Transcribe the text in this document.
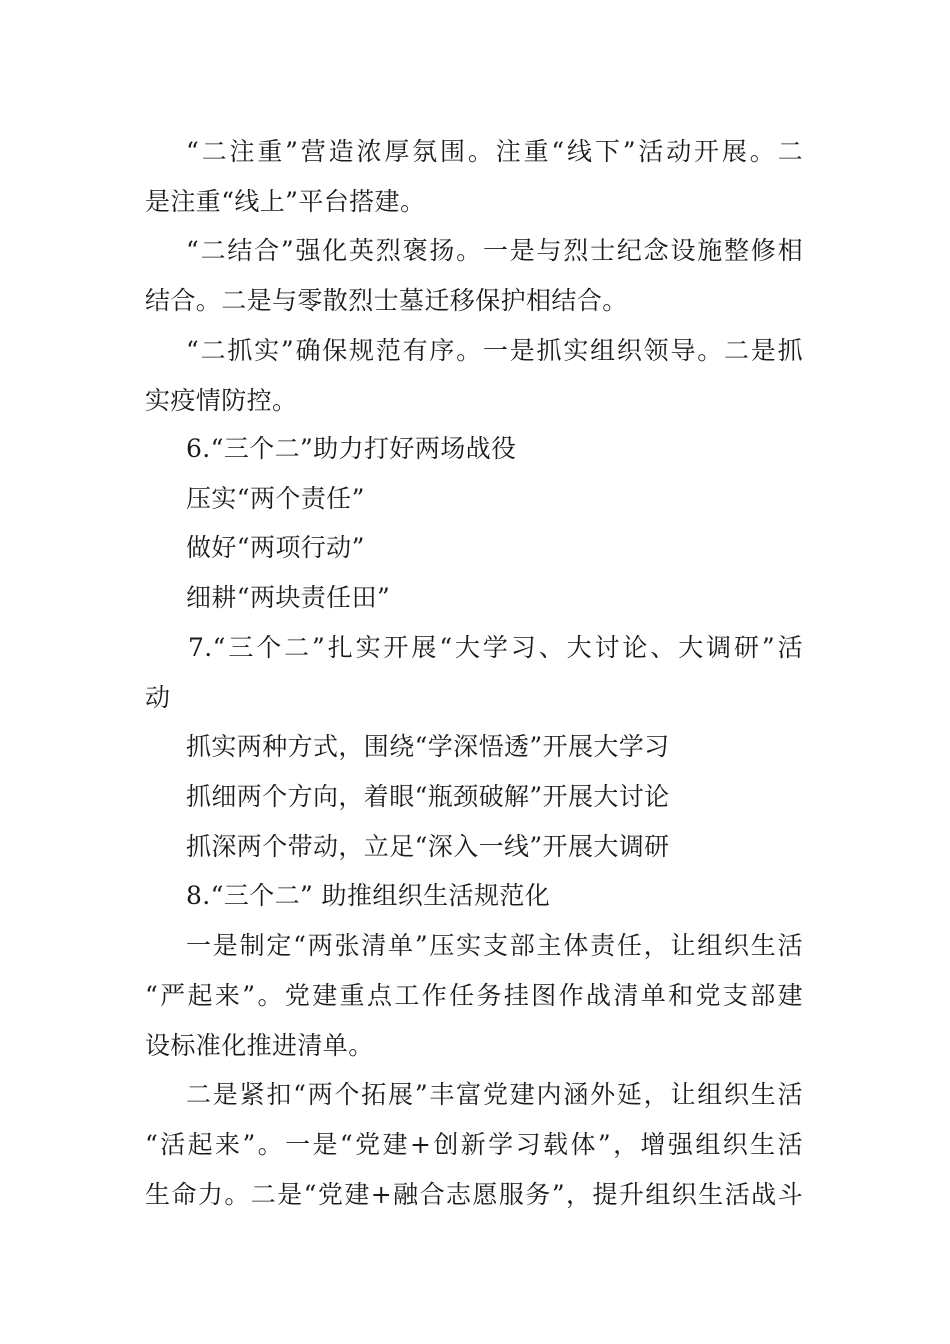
“二注重”营造浓厚氛围。注重“线下”活动开展。二
是注重“线上”平台搭建。
“二结合”强化英烈褒扬。一是与烈士纪念设施整修相
结合。二是与零散烈士墓迁移保护相结合。
“二抓实”确保规范有序。一是抓实组织领导。二是抓
实疫情防控。
6.“三个二”助力打好两场战役
压实“两个责任”
做好“两项行动”
细耕“两块责任田”
7.“三个二”扎实开展“大学习、大讨论、大调研”活
动
抓实两种方式，围绕“学深悟透”开展大学习
抓细两个方向，着眼“瓶颈破解”开展大讨论
抓深两个带动，立足“深入一线”开展大调研
8.“三个二” 助推组织生活规范化
一是制定“两张清单”压实支部主体责任，让组织生活
“严起来”。党建重点工作任务挂图作战清单和党支部建
设标准化推进清单。
二是紧扣“两个拓展”丰富党建内涵外延，让组织生活
“活起来”。一是“党建+创新学习载体”，增强组织生活
生命力。二是“党建+融合志愿服务”，提升组织生活战斗
